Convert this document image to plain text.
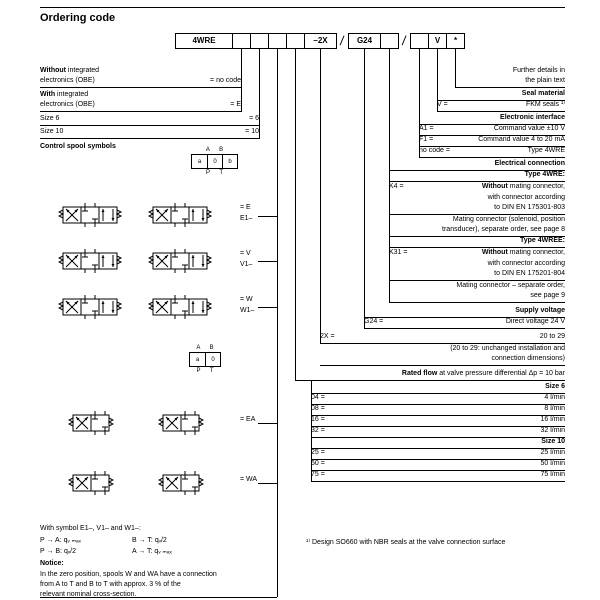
Ordering code
4WRE	–2X /	G24	/	V	*
Without integrated
electronics (OBE)	= no code
With integrated
electronics (OBE)	= E
Size 6	= 6
Size 10	= 10
Control spool symbols	A B
a	0	b
P T
A B
a	0
P T
= E
E1–
= V
V1–
= W
W1–
= EA
= WA
Further details in
the plain text
Seal material
V =	FKM seals ¹⁾
Electronic interface
A1 =	Command value ±10 V
F1 =	Command value 4 to 20 mA
no code =	Type 4WRE
Electrical connection
Type 4WRE:
K4 =	Without mating connector,
with connector according
to DIN EN 175301-803
Mating connector (solenoid, position
transducer), separate order, see page 8
Type 4WREE:
K31 =	Without mating connector,
with connector according
to DIN EN 175201-804
Mating connector – separate order,
see page 9
Supply voltage
G24 =	Direct voltage 24 V
2X =	20 to 29
(20 to 29: unchanged installation and
connection dimensions)
Rated flow at valve pressure differential Δp = 10 bar
Size 6
04 =	4 l/min
08 =	8 l/min
16 =	16 l/min
32 =	32 l/min
Size 10
25 =	25 l/min
50 =	50 l/min
75 =	75 l/min
¹⁾ Design SO660 with NBR seals at the valve connection surface
With symbol E1–, V1– and W1–:
P → A: qᵥ ₘₐₓ	B → T: qᵥ/2
P → B: qᵥ/2	A → T: qᵥ ₘₐₓ
Notice:
In the zero position, spools W and WA have a connection
from A to T and B to T with approx. 3 % of the
relevant nominal cross-section.
